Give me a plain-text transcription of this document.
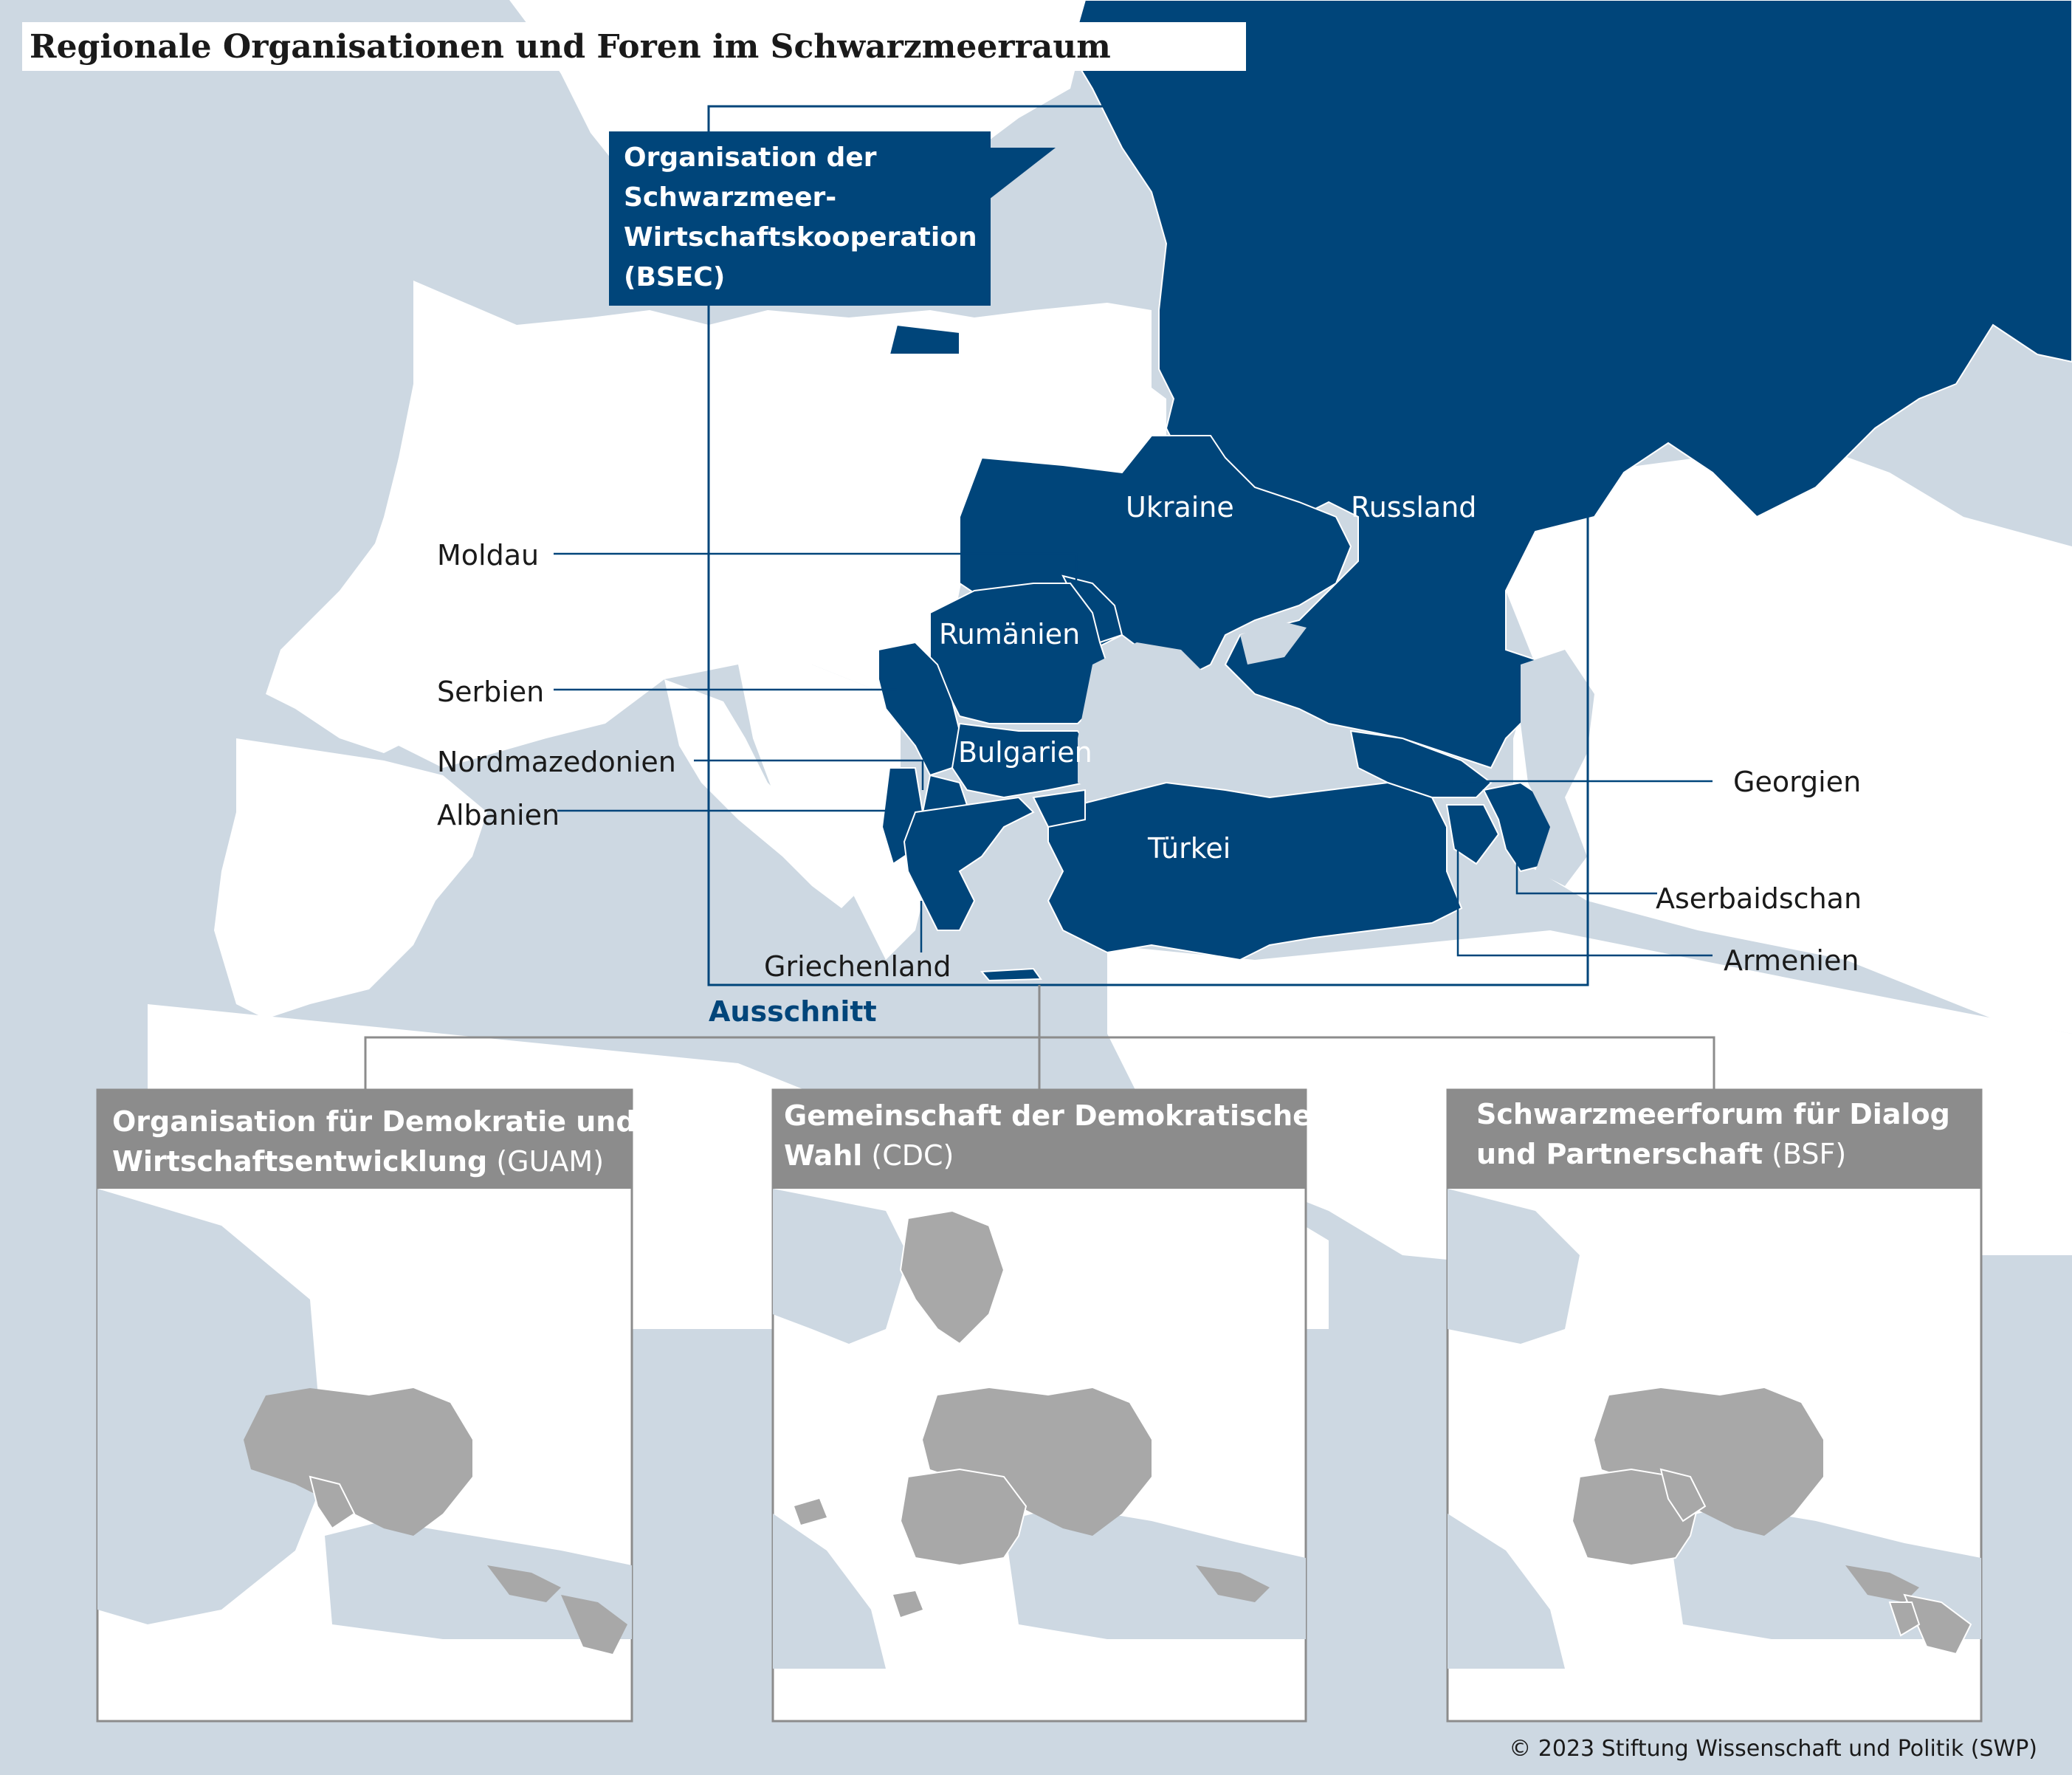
Organisation der
Schwarzmeer-
Wirtschaftskooperation
(BSEC)
Regionale Organisationen und Foren im Schwarzmeerraum
Moldau
Serbien
Nordmazedonien
Albanien
Griechenland
Georgien
Aserbaidschan
Armenien
Ukraine	Russland
Rumänien
Bulgarien
Türkei
Ausschnitt
Organisation für Demokratie und
Wirtschaftsentwicklung (GUAM)
Gemeinschaft der Demokratischen
Wahl (CDC)
Schwarzmeerforum für Dialog
und Partnerschaft (BSF)
© 2023 Stiftung Wissenschaft und Politik (SWP)
